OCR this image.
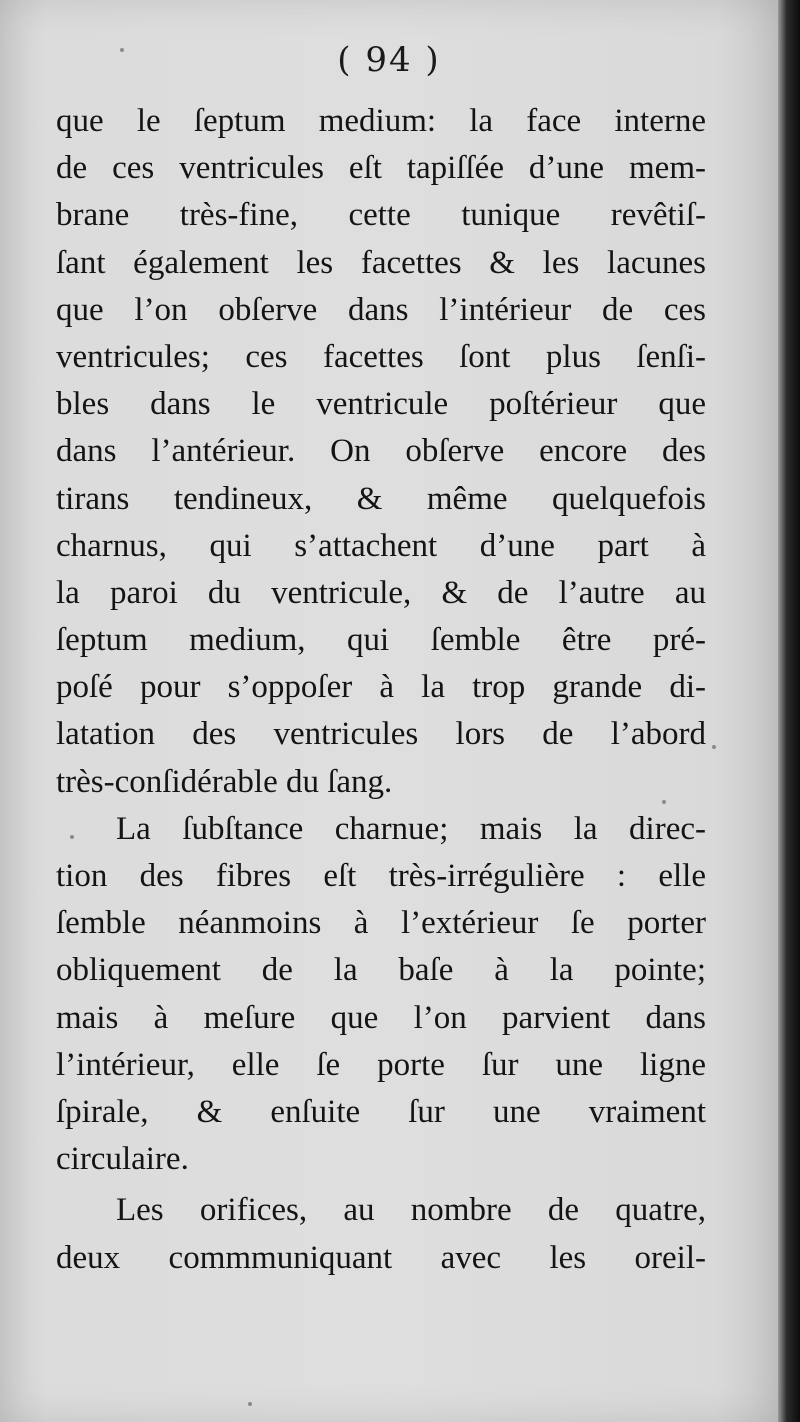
( 94 )
que le ſeptum medium: la face interne
de ces ventricules eſt tapiſſée d’une mem-
brane très-fine, cette tunique revêtiſ-
ſant également les facettes & les lacunes
que l’on obſerve dans l’intérieur de ces
ventricules; ces facettes ſont plus ſenſi-
bles dans le ventricule poſtérieur que
dans l’antérieur. On obſerve encore des
tirans tendineux, & même quelquefois
charnus, qui s’attachent d’une part à
la paroi du ventricule, & de l’autre au
ſeptum medium, qui ſemble être pré-
poſé pour s’oppoſer à la trop grande di-
latation des ventricules lors de l’abord
très-conſidérable du ſang.
La ſubſtance charnue; mais la direc-
tion des fibres eſt très-irrégulière : elle
ſemble néanmoins à l’extérieur ſe porter
obliquement de la baſe à la pointe;
mais à meſure que l’on parvient dans
l’intérieur, elle ſe porte ſur une ligne
ſpirale, & enſuite ſur une vraiment
circulaire.
Les orifices, au nombre de quatre,
deux commmuniquant avec les oreil-
